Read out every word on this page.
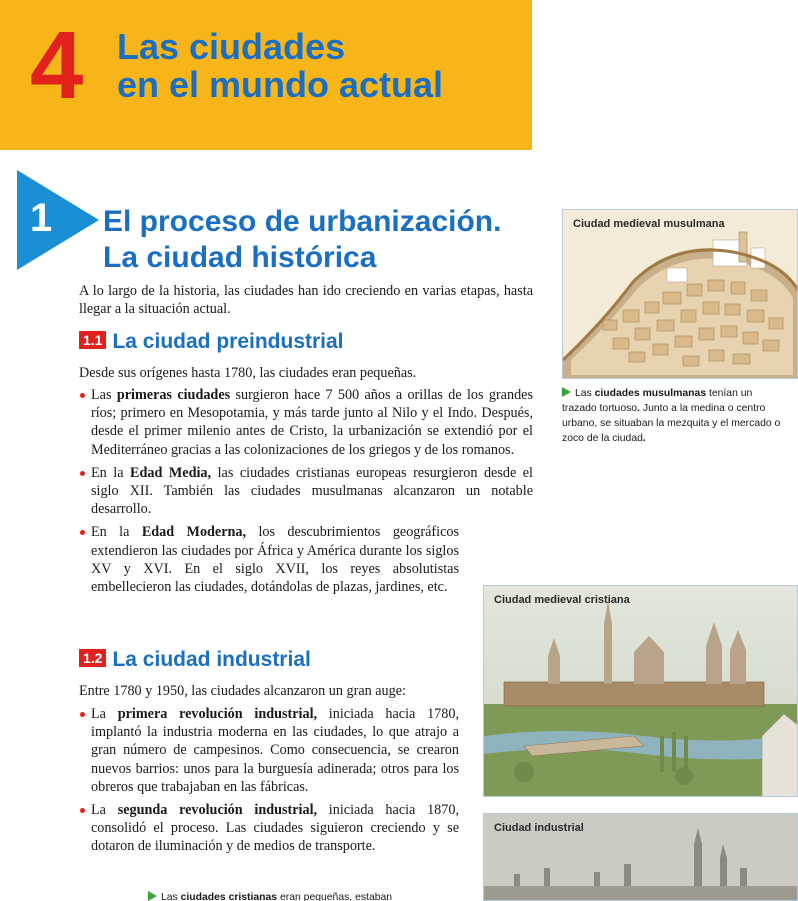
4 Las ciudades
en el mundo actual
1 El proceso de urbanización.
La ciudad histórica

A lo largo de la historia, las ciudades han ido creciendo en varias etapas, hasta llegar a la situación actual.

1.1 La ciudad preindustrial

Desde sus orígenes hasta 1780, las ciudades eran pequeñas.

Las primeras ciudades surgieron hace 7 500 años a orillas de los grandes ríos; primero en Mesopotamia, y más tarde junto al Nilo y el Indo. Después, desde el primer milenio antes de Cristo, la urbanización se extendió por el Mediterráneo gracias a las colonizaciones de los griegos y de los romanos.
En la Edad Media, las ciudades cristianas europeas resurgieron desde el siglo XII. También las ciudades musulmanas alcanzaron un notable desarrollo.
En la Edad Moderna, los descubrimientos geográficos extendieron las ciudades por África y América durante los siglos XV y XVI. En el siglo XVII, los reyes absolutistas embellecieron las ciudades, dotándolas de plazas, jardines, etc.
1.2 La ciudad industrial

Entre 1780 y 1950, las ciudades alcanzaron un gran auge:

La primera revolución industrial, iniciada hacia 1780, implantó la industria moderna en las ciudades, lo que atrajo a gran número de campesinos. Como consecuencia, se crearon nuevos barrios: unos para la burguesía adinerada; otros para los obreros que trabajaban en las fábricas.
La segunda revolución industrial, iniciada hacia 1870, consolidó el proceso. Las ciudades siguieron creciendo y se dotaron de iluminación y de medios de transporte.
Ciudad medieval musulmana

Las ciudades musulmanas tenían un trazado tortuoso. Junto a la medina o centro urbano, se situaban la mezquita y el mercado o zoco de la ciudad.

Ciudad medieval cristiana
Ciudad industrial

Las ciudades cristianas eran pequeñas, estaban
